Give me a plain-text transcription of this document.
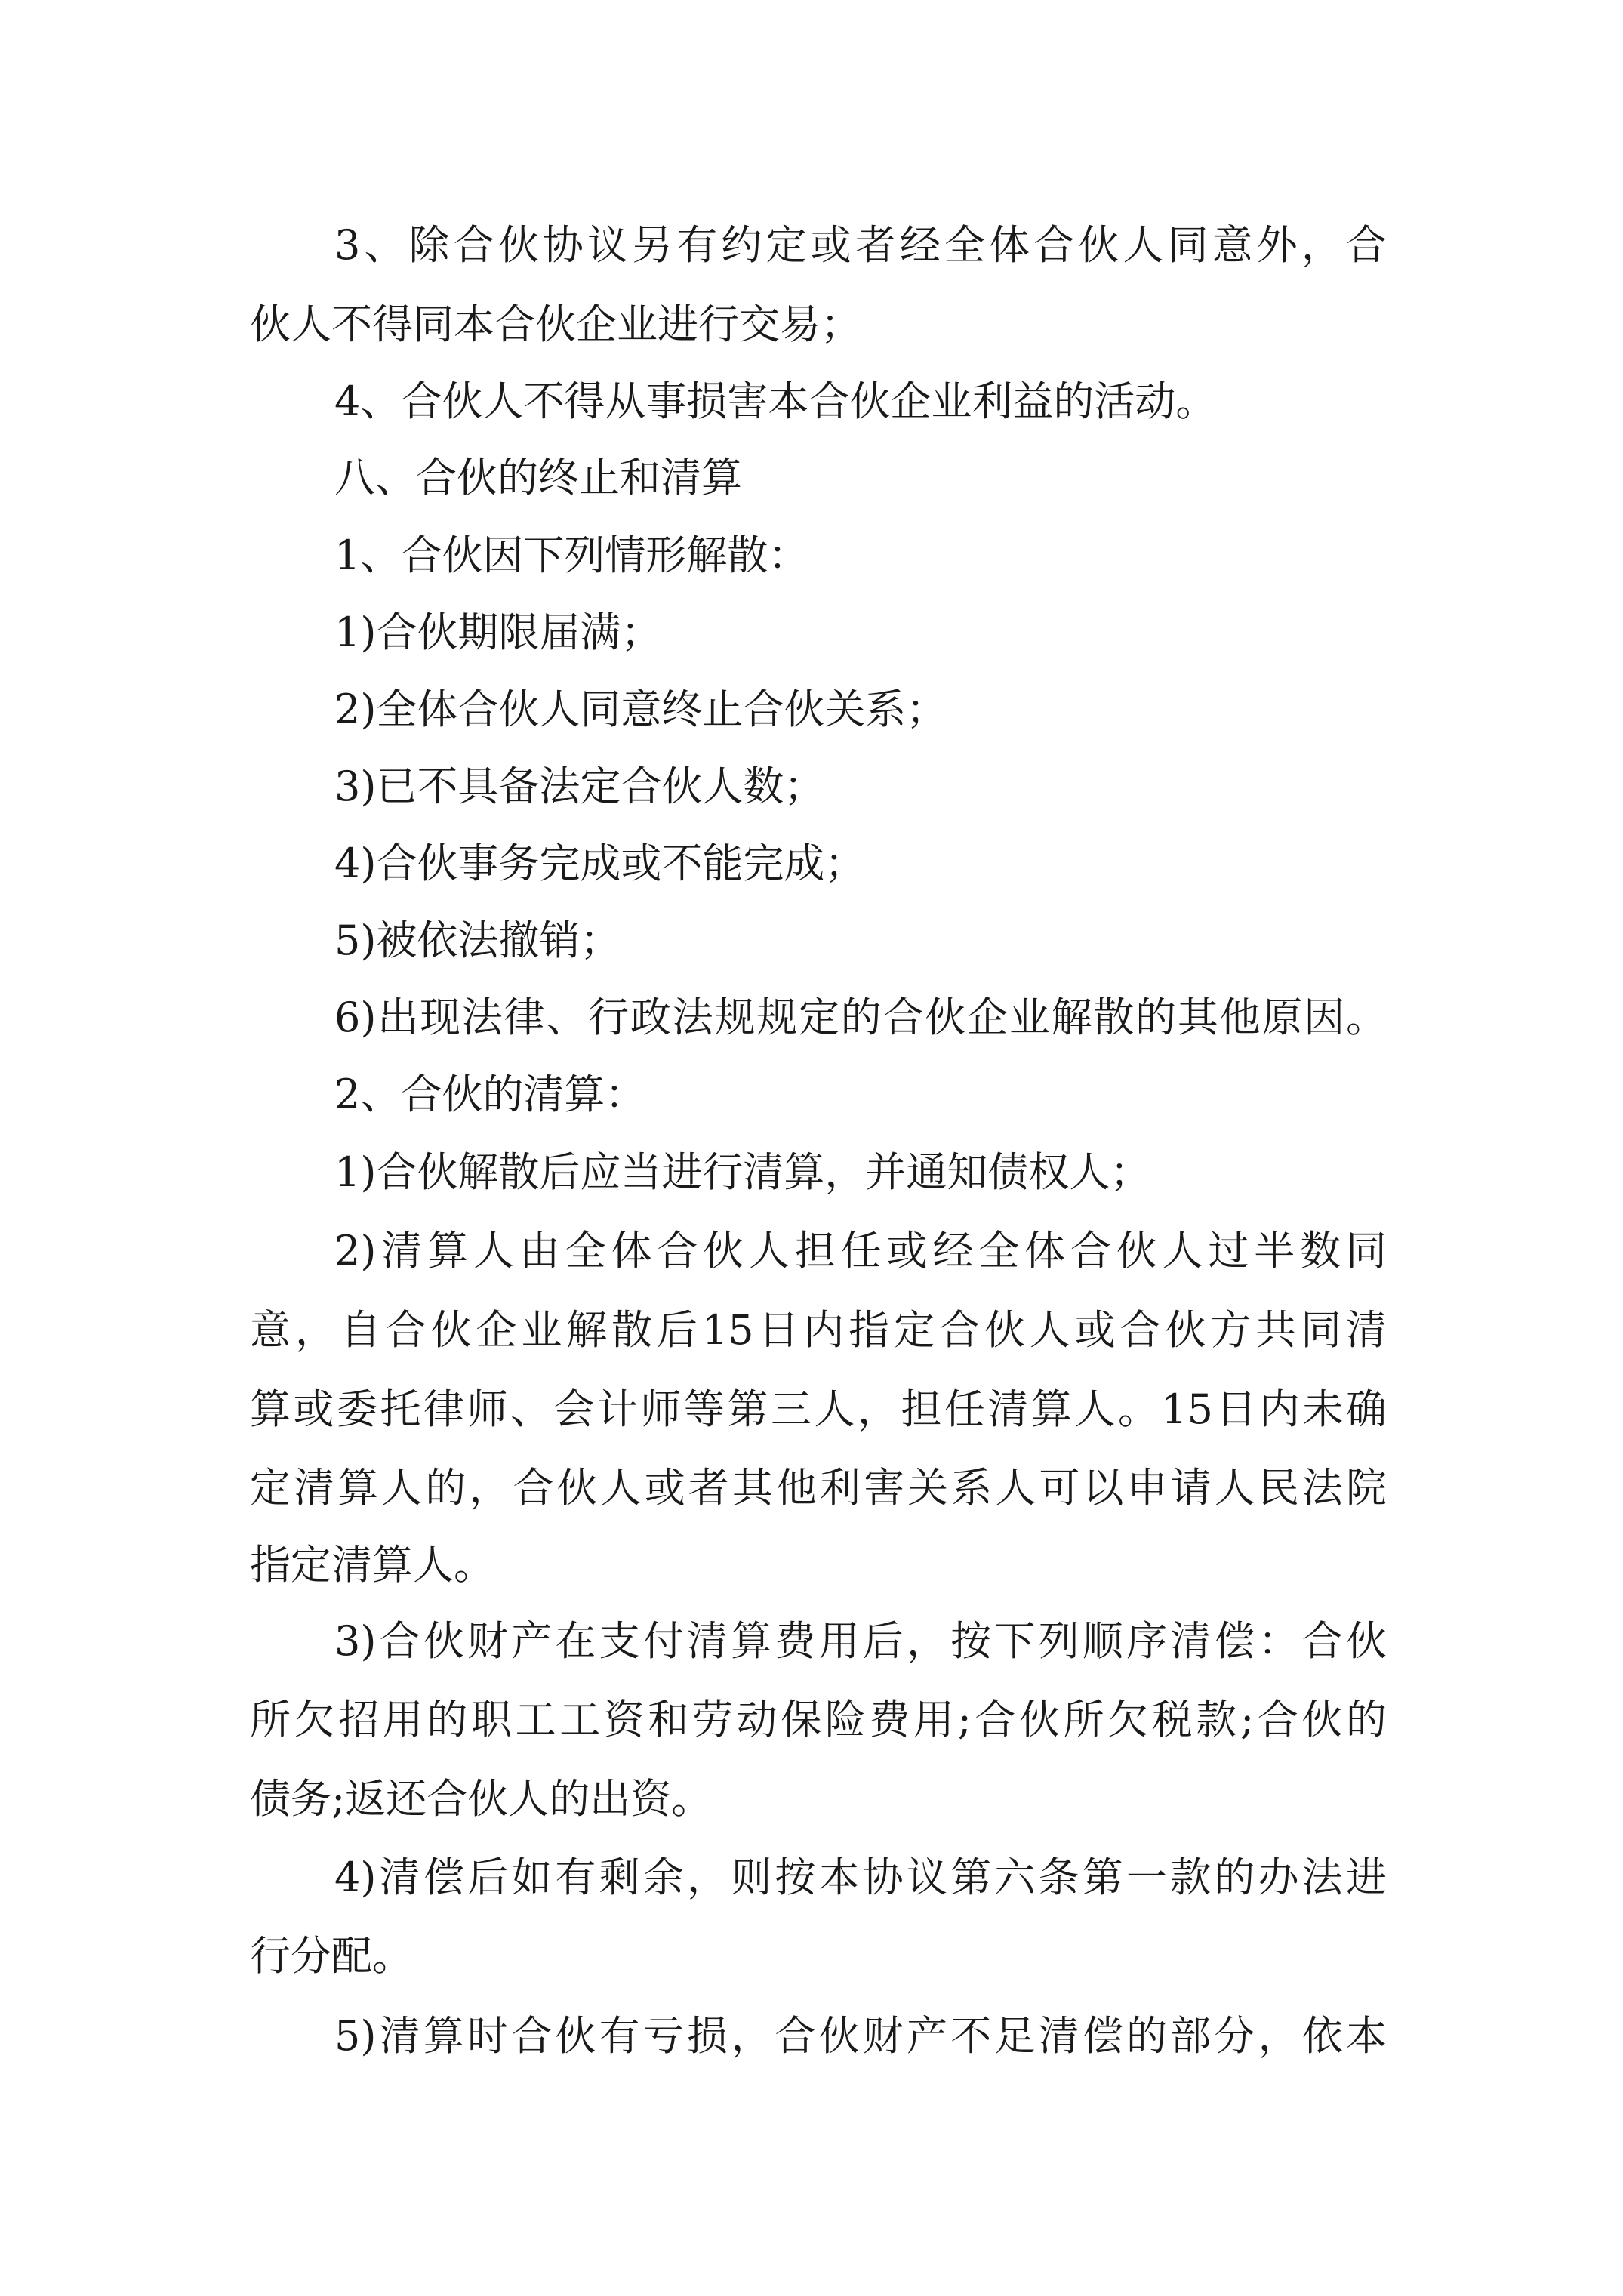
3、除合伙协议另有约定或者经全体合伙人同意外，合

伙人不得同本合伙企业进行交易；

4、合伙人不得从事损害本合伙企业利益的活动。

八、合伙的终止和清算

1、合伙因下列情形解散：

1)合伙期限届满；

2)全体合伙人同意终止合伙关系；

3)已不具备法定合伙人数；

4)合伙事务完成或不能完成；

5)被依法撤销；

6)出现法律、行政法规规定的合伙企业解散的其他原因。

2、合伙的清算：

1)合伙解散后应当进行清算，并通知债权人；

2)清算人由全体合伙人担任或经全体合伙人过半数同

意，自合伙企业解散后15日内指定合伙人或合伙方共同清

算或委托律师、会计师等第三人，担任清算人。15日内未确

定清算人的，合伙人或者其他利害关系人可以申请人民法院

指定清算人。

3)合伙财产在支付清算费用后，按下列顺序清偿：合伙

所欠招用的职工工资和劳动保险费用;合伙所欠税款;合伙的

债务;返还合伙人的出资。

4)清偿后如有剩余，则按本协议第六条第一款的办法进

行分配。

5)清算时合伙有亏损，合伙财产不足清偿的部分，依本
